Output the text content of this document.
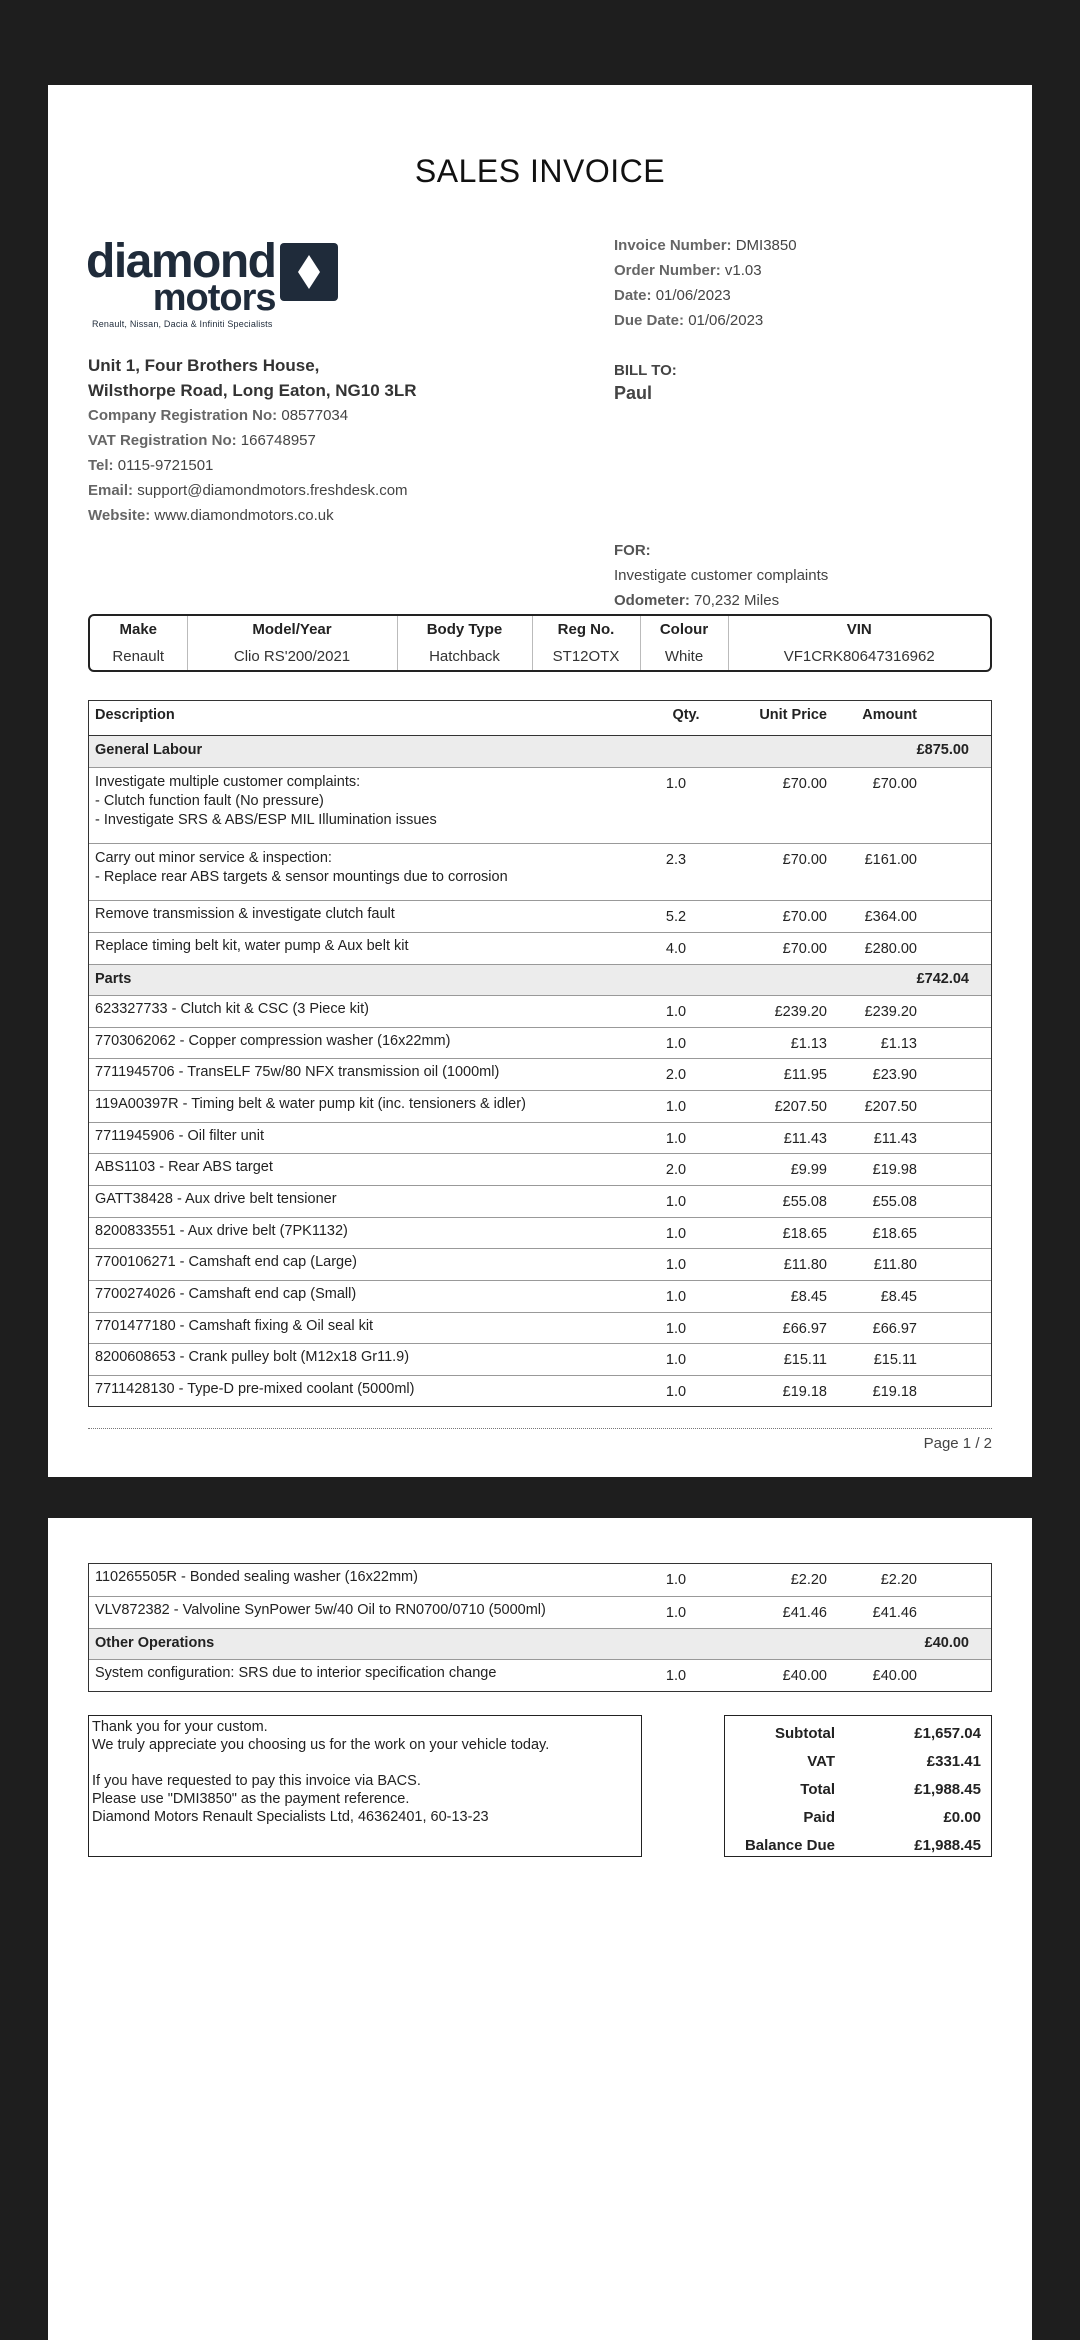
SALES INVOICE
diamond
motors
Renault, Nissan, Dacia & Infiniti Specialists
Unit 1, Four Brothers House,
Wilsthorpe Road, Long Eaton, NG10 3LR
Company Registration No: 08577034
VAT Registration No: 166748957
Tel: 0115-9721501
Email: support@diamondmotors.freshdesk.com
Website: www.diamondmotors.co.uk
Invoice Number: DMI3850
Order Number: v1.03
Date: 01/06/2023
Due Date: 01/06/2023
BILL TO:
Paul
FOR:
Investigate customer complaints
Odometer: 70,232 Miles
Make	Model/Year	Body Type	Reg No.	Colour	VIN
Renault	Clio RS'200/2021	Hatchback	ST12OTX	White	VF1CRK80647316962
Description	Qty.	Unit Price	Amount	
General Labour			£875.00	

Investigate multiple customer complaints:
- Clutch function fault (No pressure)
- Investigate SRS & ABS/ESP MIL Illumination issues	1.0	£70.00	£70.00	

Carry out minor service & inspection:
- Replace rear ABS targets & sensor mountings due to corrosion	2.3	£70.00	£161.00	
Remove transmission & investigate clutch fault	5.2	£70.00	£364.00	
Replace timing belt kit, water pump & Aux belt kit	4.0	£70.00	£280.00	
Parts			£742.04	
623327733 - Clutch kit & CSC (3 Piece kit)	1.0	£239.20	£239.20	
7703062062 - Copper compression washer (16x22mm)	1.0	£1.13	£1.13	
7711945706 - TransELF 75w/80 NFX transmission oil (1000ml)	2.0	£11.95	£23.90	
119A00397R - Timing belt & water pump kit (inc. tensioners & idler)	1.0	£207.50	£207.50	
7711945906 - Oil filter unit	1.0	£11.43	£11.43	
ABS1103 - Rear ABS target	2.0	£9.99	£19.98	
GATT38428 - Aux drive belt tensioner	1.0	£55.08	£55.08	
8200833551 - Aux drive belt (7PK1132)	1.0	£18.65	£18.65	
7700106271 - Camshaft end cap (Large)	1.0	£11.80	£11.80	
7700274026 - Camshaft end cap (Small)	1.0	£8.45	£8.45	
7701477180 - Camshaft fixing & Oil seal kit	1.0	£66.97	£66.97	
8200608653 - Crank pulley bolt (M12x18 Gr11.9)	1.0	£15.11	£15.11	
7711428130 - Type-D pre-mixed coolant (5000ml)	1.0	£19.18	£19.18	
Page 1 / 2
110265505R - Bonded sealing washer (16x22mm)	1.0	£2.20	£2.20	
VLV872382 - Valvoline SynPower 5w/40 Oil to RN0700/0710 (5000ml)	1.0	£41.46	£41.46	
Other Operations			£40.00	
System configuration: SRS due to interior specification change	1.0	£40.00	£40.00	
Thank you for your custom.
We truly appreciate you choosing us for the work on your vehicle today.
If you have requested to pay this invoice via BACS.
Please use "DMI3850" as the payment reference.
Diamond Motors Renault Specialists Ltd, 46362401, 60-13-23
Subtotal	£1,657.04
VAT	£331.41
Total	£1,988.45
Paid	£0.00
Balance Due	£1,988.45
